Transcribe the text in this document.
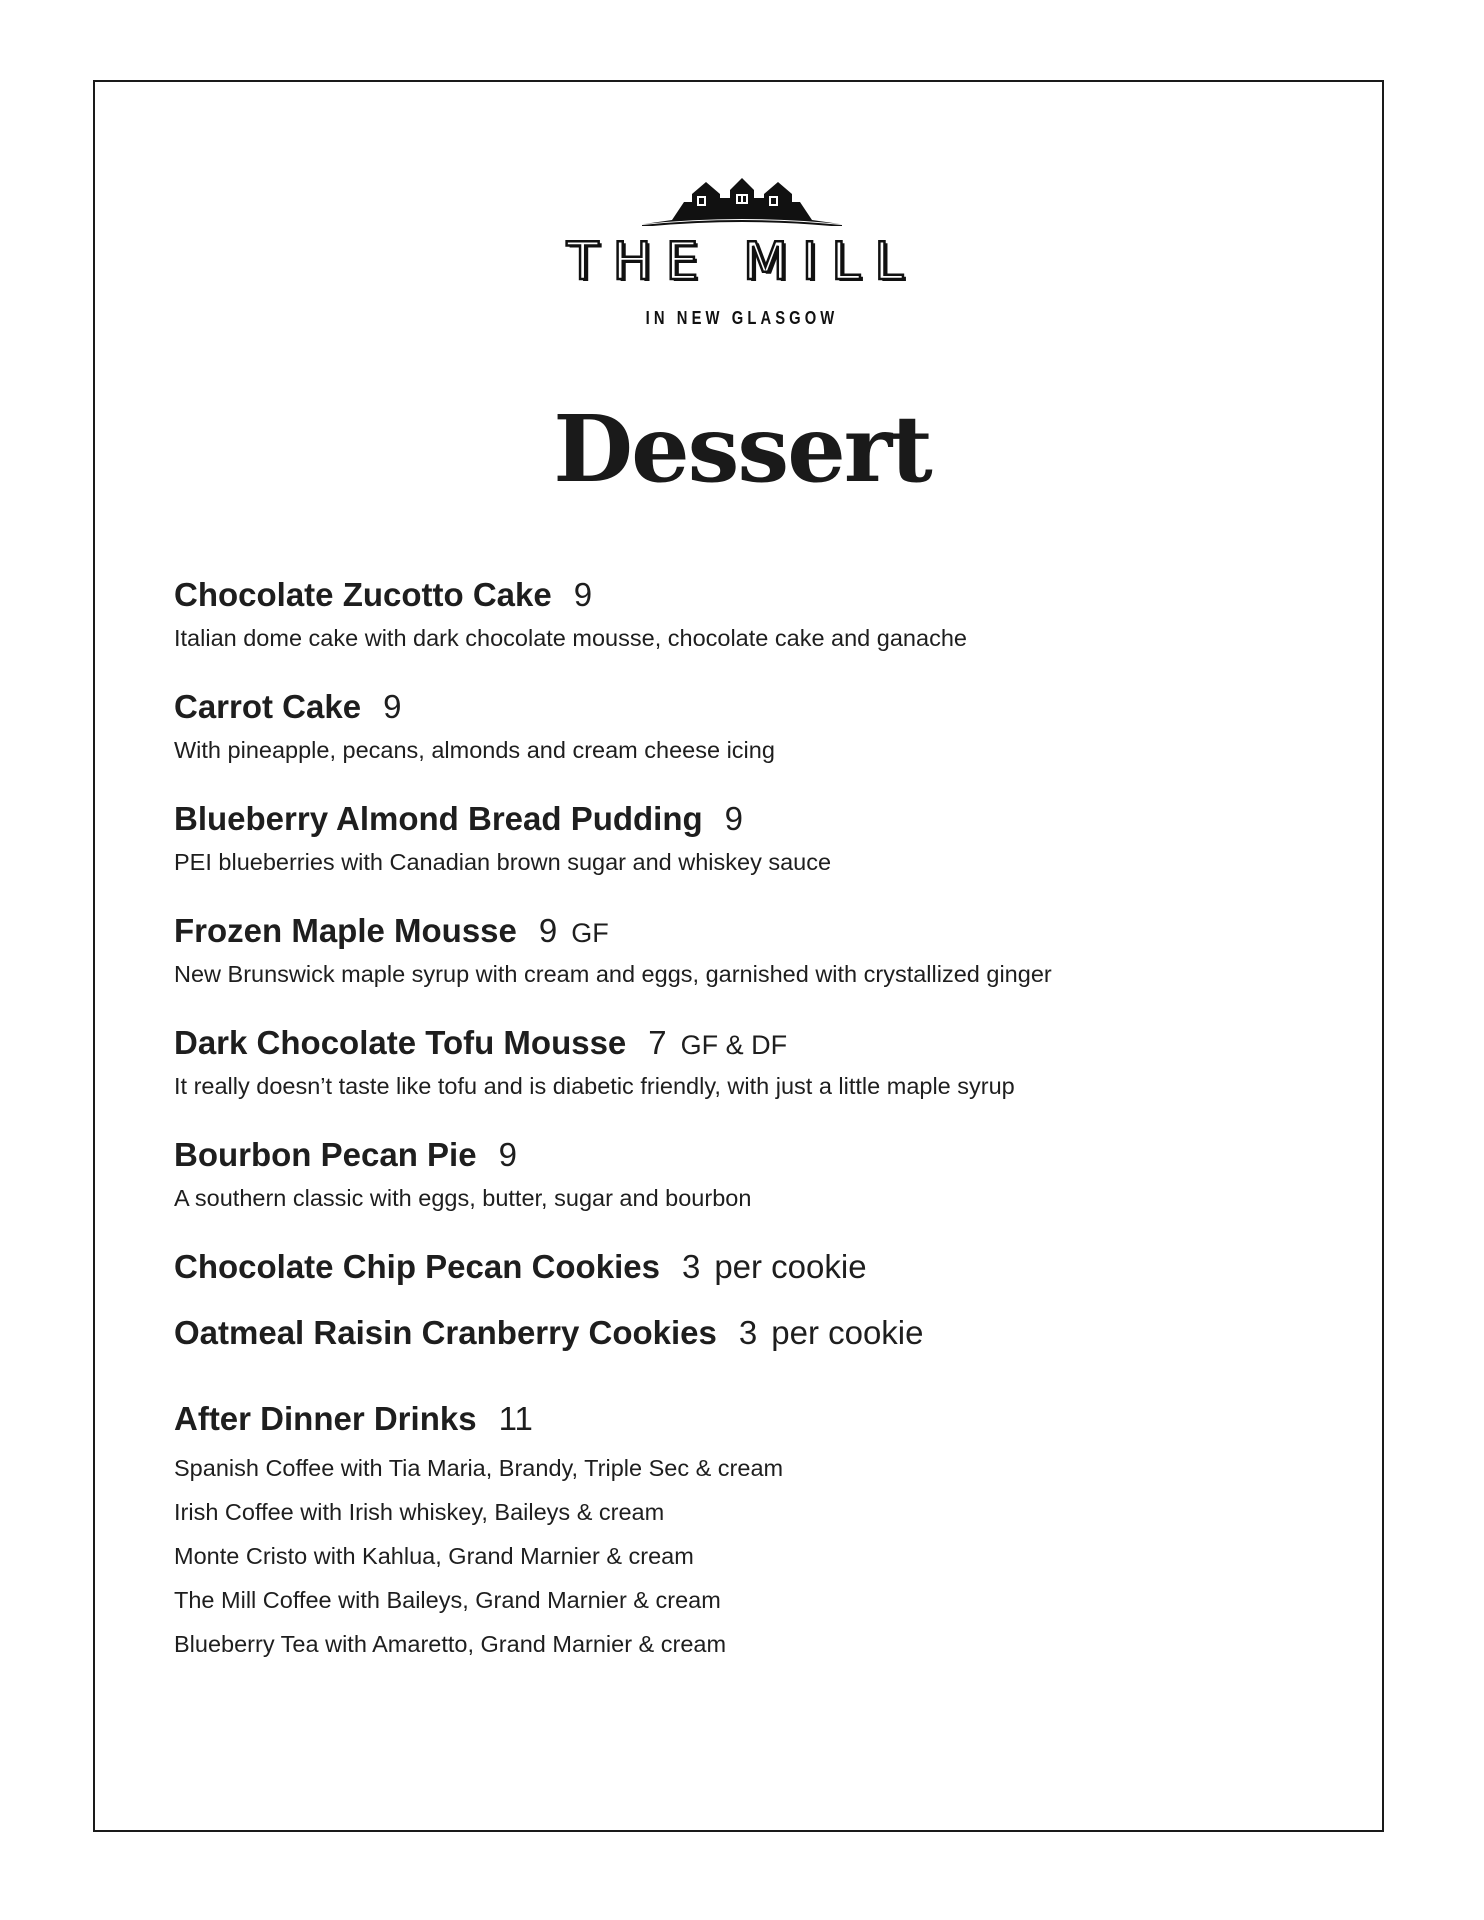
THE MILL
IN NEW GLASGOW
Dessert
Chocolate Zucotto Cake 9
Italian dome cake with dark chocolate mousse, chocolate cake and ganache
Carrot Cake 9
With pineapple, pecans, almonds and cream cheese icing
Blueberry Almond Bread Pudding 9
PEI blueberries with Canadian brown sugar and whiskey sauce
Frozen Maple Mousse 9 GF
New Brunswick maple syrup with cream and eggs, garnished with crystallized ginger
Dark Chocolate Tofu Mousse 7 GF & DF
It really doesn’t taste like tofu and is diabetic friendly, with just a little maple syrup
Bourbon Pecan Pie 9
A southern classic with eggs, butter, sugar and bourbon
Chocolate Chip Pecan Cookies 3 per cookie
Oatmeal Raisin Cranberry Cookies 3 per cookie
After Dinner Drinks 11
Spanish Coffee with Tia Maria, Brandy, Triple Sec & cream
Irish Coffee with Irish whiskey, Baileys & cream
Monte Cristo with Kahlua, Grand Marnier & cream
The Mill Coffee with Baileys, Grand Marnier & cream
Blueberry Tea with Amaretto, Grand Marnier & cream
